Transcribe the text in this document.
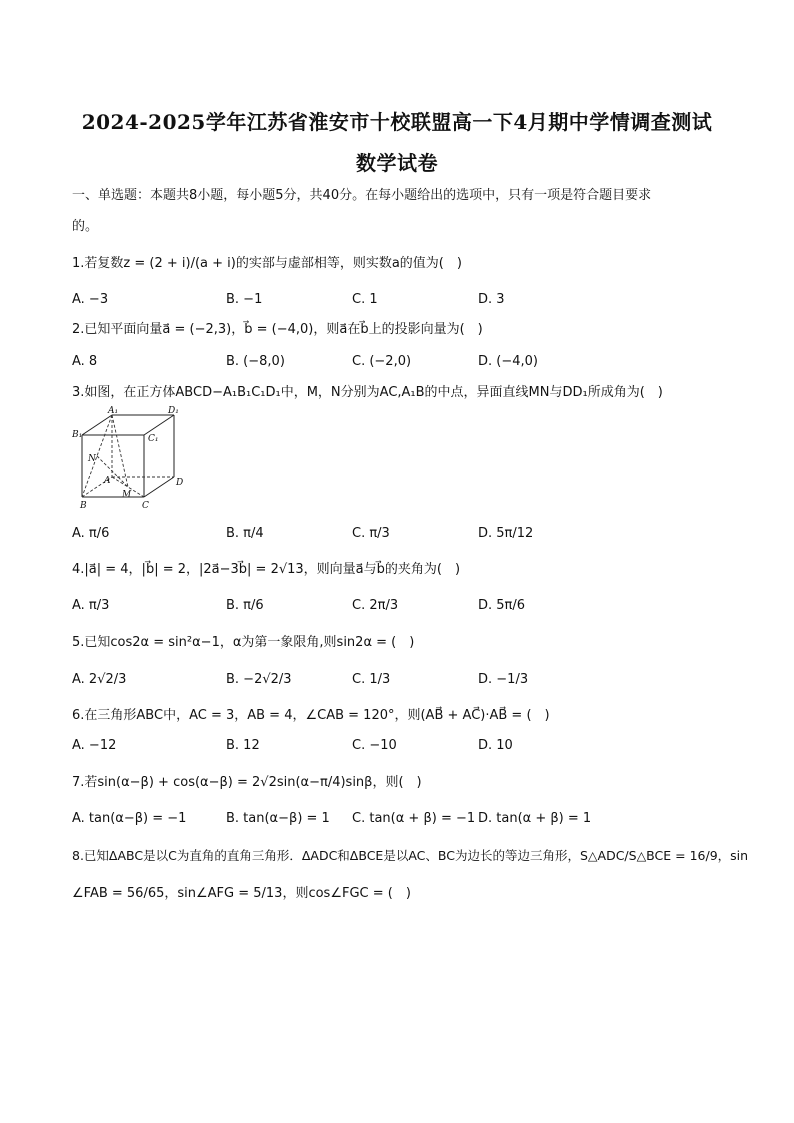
2024-2025学年江苏省淮安市十校联盟高一下4月期中学情调查测试
数学试卷
一、单选题：本题共8小题，每小题5分，共40分。在每小题给出的选项中，只有一项是符合题目要求
的。
1.若复数z = (2 + i)/(a + i)的实部与虚部相等，则实数a的值为(　)
A. −3	B. −1	C. 1	D. 3
2.已知平面向量a⃗ = (−2,3)，b⃗ = (−4,0)，则a⃗在b⃗上的投影向量为(　)
A. 8	B. (−8,0)	C. (−2,0)	D. (−4,0)
3.如图，在正方体ABCD−A₁B₁C₁D₁中，M，N分别为AC,A₁B的中点，异面直线MN与DD₁所成角为(　)
A₁	D₁
B₁	C₁
N
A	D
M
B	C
A. π/6	B. π/4	C. π/3	D. 5π/12
4.|a⃗| = 4，|b⃗| = 2，|2a⃗−3b⃗| = 2√13，则向量a⃗与b⃗的夹角为(　)
A. π/3	B. π/6	C. 2π/3	D. 5π/6
5.已知cos2α = sin²α−1，α为第一象限角,则sin2α = (　)
A. 2√2/3	B. −2√2/3	C. 1/3	D. −1/3
6.在三角形ABC中，AC = 3，AB = 4，∠CAB = 120°，则(AB⃗ + AC⃗)·AB⃗ = (　)
A. −12	B. 12	C. −10	D. 10
7.若sin(α−β) + cos(α−β) = 2√2sin(α−π/4)sinβ，则(　)
A. tan(α−β) = −1	B. tan(α−β) = 1 C. tan(α + β) = −1 D. tan(α + β) = 1
8.已知ΔABC是以C为直角的直角三角形．ΔADC和ΔBCE是以AC、BC为边长的等边三角形，S△ADC/S△BCE = 16/9，sin
∠FAB = 56/65，sin∠AFG = 5/13，则cos∠FGC = (　)
